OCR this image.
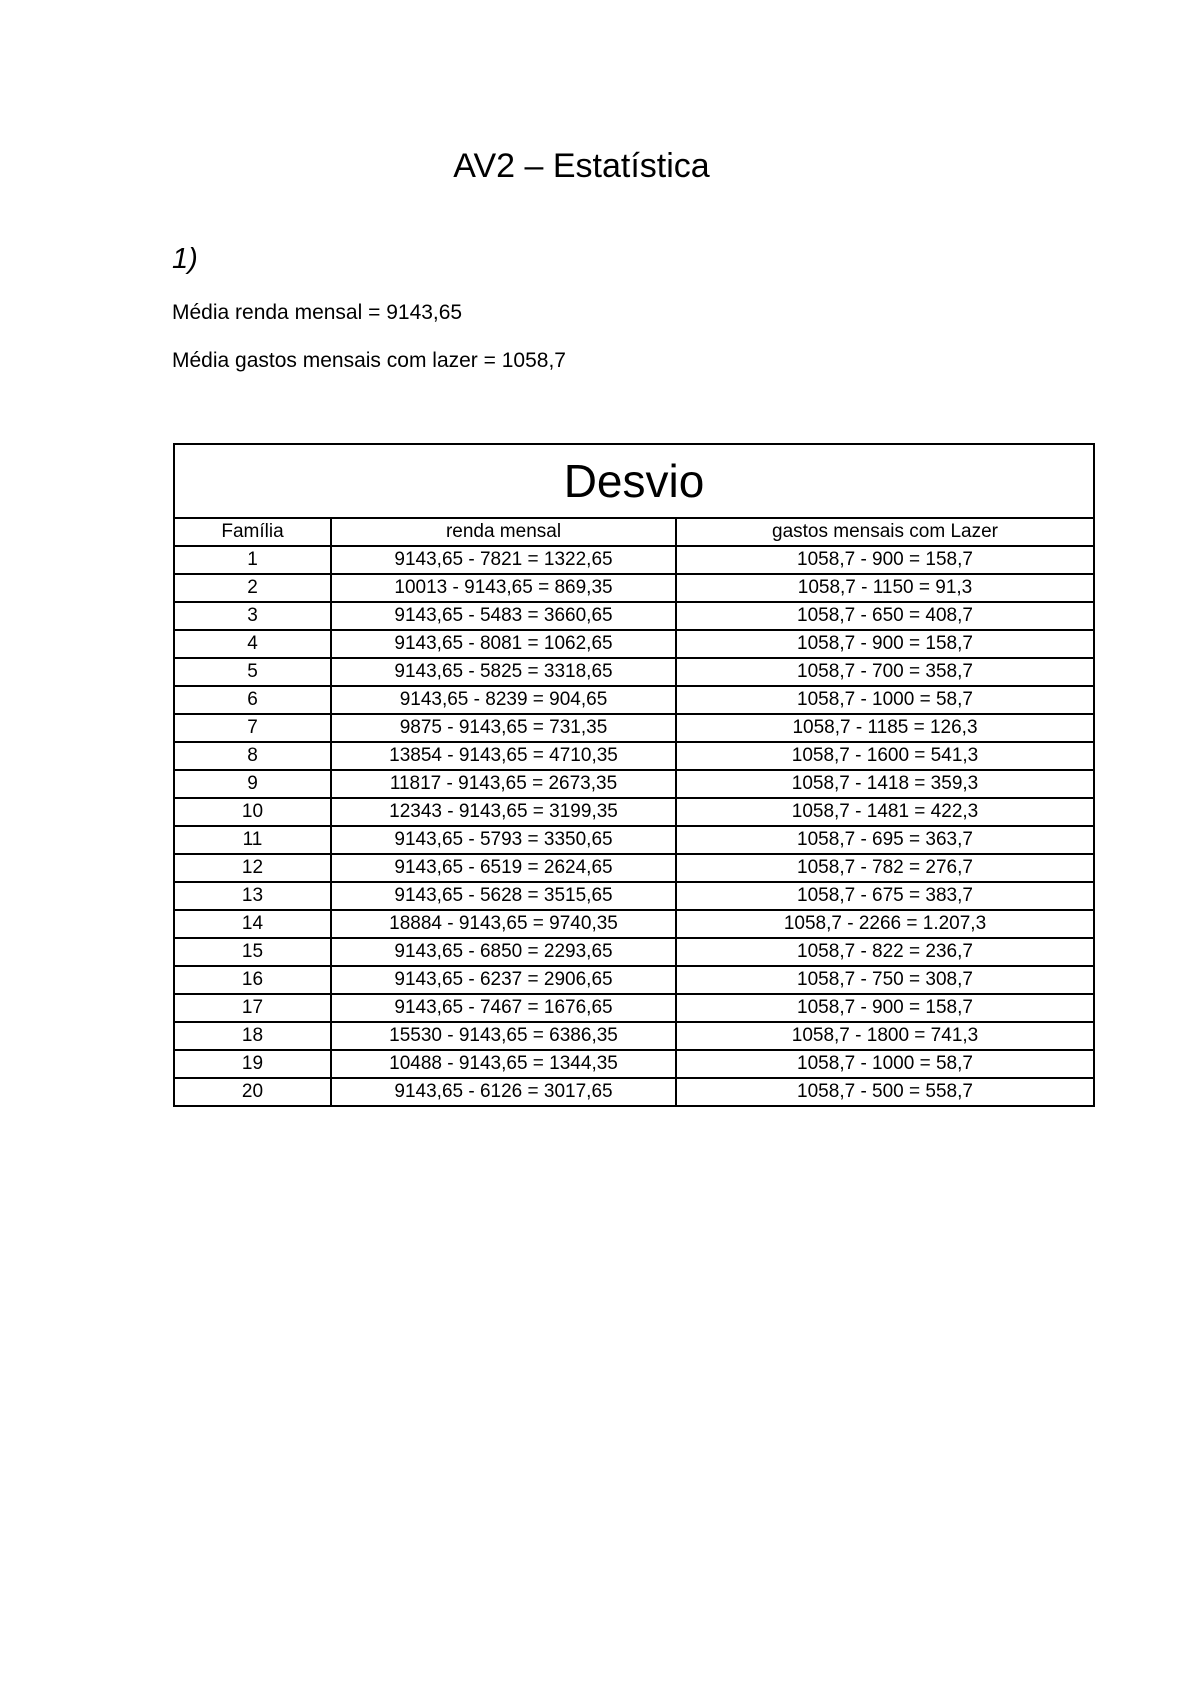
AV2 – Estatística
1)
Média renda mensal = 9143,65
Média gastos mensais com lazer = 1058,7
Desvio		
Família	renda mensal	gastos mensais com Lazer
1	9143,65 - 7821 = 1322,65	1058,7 - 900 = 158,7
2	10013 - 9143,65 = 869,35	1058,7 - 1150 = 91,3
3	9143,65 - 5483 = 3660,65	1058,7 - 650 = 408,7
4	9143,65 - 8081 = 1062,65	1058,7 - 900 = 158,7
5	9143,65 - 5825 = 3318,65	1058,7 - 700 = 358,7
6	9143,65 - 8239 = 904,65	1058,7 - 1000 = 58,7
7	9875 - 9143,65 = 731,35	1058,7 - 1185 = 126,3
8	13854 - 9143,65 = 4710,35	1058,7 - 1600 = 541,3
9	11817 - 9143,65 = 2673,35	1058,7 - 1418 = 359,3
10	12343 - 9143,65 = 3199,35	1058,7 - 1481 = 422,3
11	9143,65 - 5793 = 3350,65	1058,7 - 695 = 363,7
12	9143,65 - 6519 = 2624,65	1058,7 - 782 = 276,7
13	9143,65 - 5628 = 3515,65	1058,7 - 675 = 383,7
14	18884 - 9143,65 = 9740,35	1058,7 - 2266 = 1.207,3
15	9143,65 - 6850 = 2293,65	1058,7 - 822 = 236,7
16	9143,65 - 6237 = 2906,65	1058,7 - 750 = 308,7
17	9143,65 - 7467 = 1676,65	1058,7 - 900 = 158,7
18	15530 - 9143,65 = 6386,35	1058,7 - 1800 = 741,3
19	10488 - 9143,65 = 1344,35	1058,7 - 1000 = 58,7
20	9143,65 - 6126 = 3017,65	1058,7 - 500 = 558,7
